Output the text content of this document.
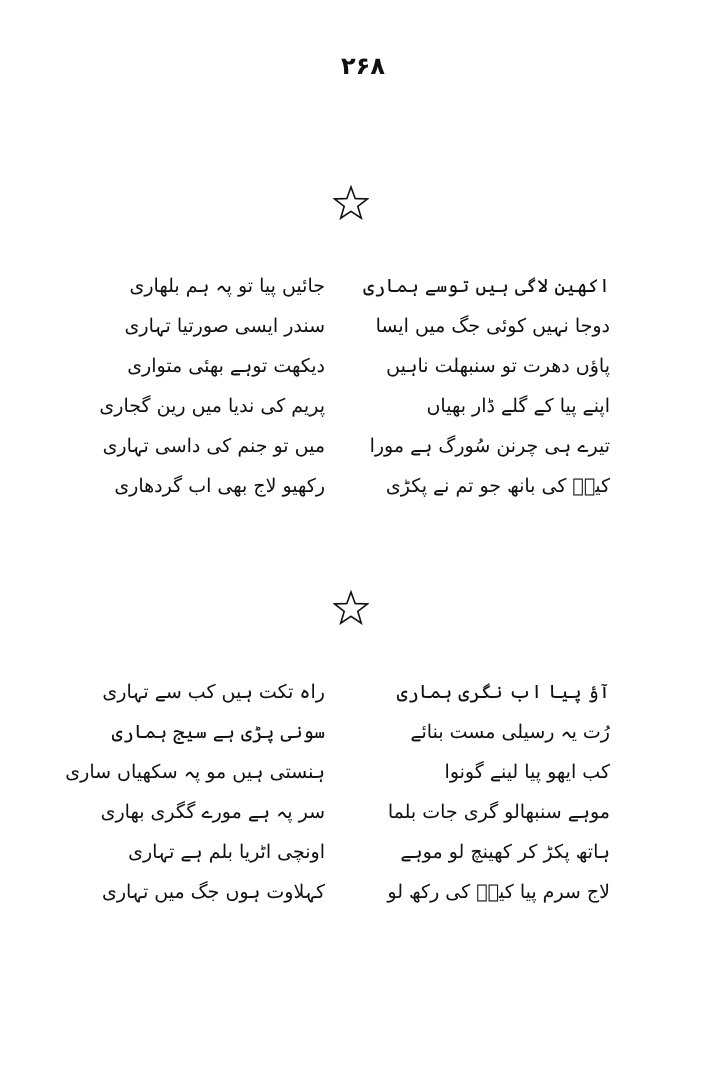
۲۶۸
اکھین لاگی ہیں توسے ہماری
جائیں پیا تو پہ ہم بلھاری
دوجا نہیں کوئی جگ میں ایسا
سندر ایسی صورتیا تہاری
پاؤں دھرت تو سنبھلت ناہیں
دیکھت توہے بھئی متواری
اپنے پیا کے گلے ڈار بھیاں
پریم کی ندیا میں رین گجاری
تیرے ہی چرنن سُورگ ہے مورا
میں تو جنم کی داسی تہاری
کیفؔ کی بانھ جو تم نے پکڑی
رکھیو لاج بھی اب گردھاری
آؤ پیا اب نگری ہماری
راہ تکت ہیں کب سے تہاری
رُت یہ رسیلی مست بنائے
سونی پڑی ہے سیج ہماری
کب ایھو پیا لینے گونوا
ہنستی ہیں مو پہ سکھیاں ساری
موہے سنبھالو گری جات بلما
سر پہ ہے مورے گگری بھاری
ہاتھ پکڑ کر کھینچ لو موہے
اونچی اٹریا بلم ہے تہاری
لاج سرم پیا کیفؔ کی رکھ لو
کہلاوت ہوں جگ میں تہاری
